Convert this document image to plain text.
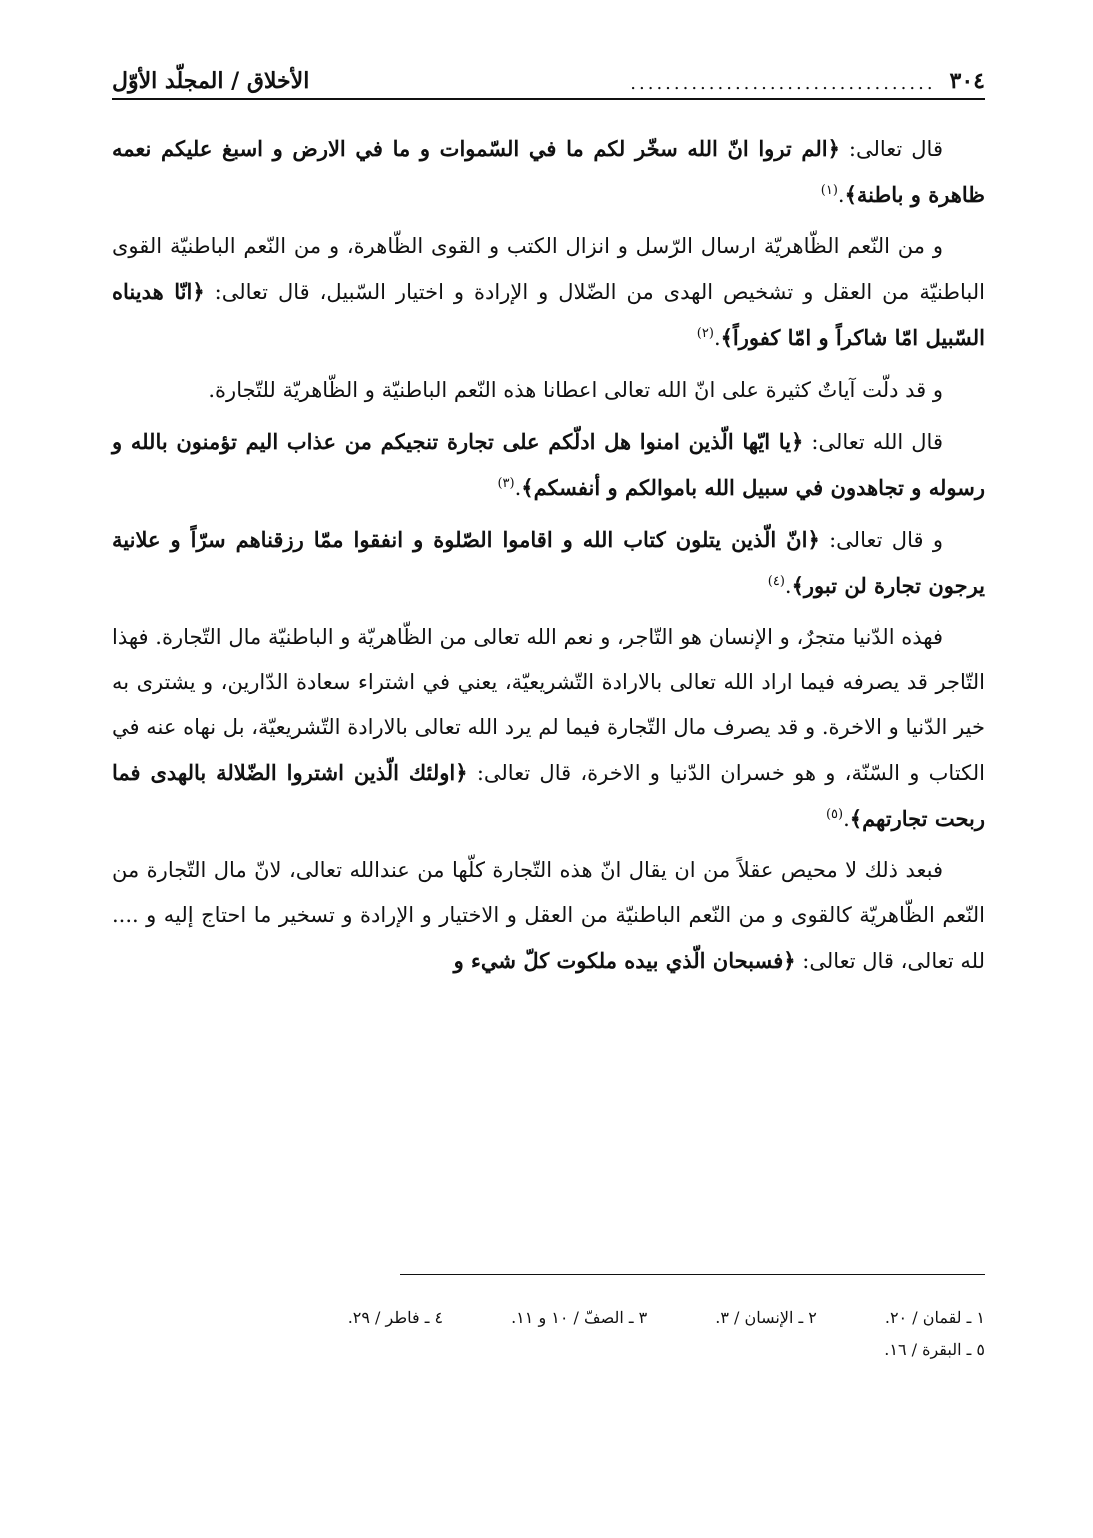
٣٠٤
...................................
الأخلاق / المجلّد الأوّل

قال تعالى: ﴿الم تروا انّ الله سخّر لكم ما في السّموات و ما في الارض و اسبغ عليكم نعمه ظاهرة و باطنة﴾.$^{(١)}$

و من النّعم الظّاهريّة ارسال الرّسل و انزال الكتب و القوى الظّاهرة، و من النّعم الباطنيّة القوى الباطنيّة من العقل و تشخيص الهدى من الضّلال و الإرادة و اختيار السّبيل، قال تعالى: ﴿انّا هديناه السّبيل امّا شاكراً و امّا كفوراً﴾.$^{(٢)}$

و قد دلّت آياتٌ كثيرة على انّ الله تعالى اعطانا هذه النّعم الباطنيّة و الظّاهريّة للتّجارة.

قال الله تعالى: ﴿يا ايّها الّذين امنوا هل ادلّكم على تجارة تنجيكم من عذاب اليم تؤمنون بالله و رسوله و تجاهدون في سبيل الله باموالكم و أنفسكم﴾.$^{(٣)}$

و قال تعالى: ﴿انّ الّذين يتلون كتاب الله و اقاموا الصّلوة و انفقوا ممّا رزقناهم سرّاً و علانية يرجون تجارة لن تبور﴾.$^{(٤)}$

فهذه الدّنيا متجرٌ، و الإنسان هو التّاجر، و نعم الله تعالى من الظّاهريّة و الباطنيّة مال التّجارة. فهذا التّاجر قد يصرفه فيما اراد الله تعالى بالارادة التّشريعيّة، يعني في اشتراء سعادة الدّارين، و يشترى به خير الدّنيا و الاخرة. و قد يصرف مال التّجارة فيما لم يرد الله تعالى بالارادة التّشريعيّة، بل نهاه عنه في الكتاب و السّنّة، و هو خسران الدّنيا و الاخرة، قال تعالى: ﴿اولئك الّذين اشتروا الضّلالة بالهدى فما ربحت تجارتهم﴾.$^{(٥)}$

فبعد ذلك لا محيص عقلاً من ان يقال انّ هذه التّجارة كلّها من عندالله تعالى، لانّ مال التّجارة من النّعم الظّاهريّة كالقوى و من النّعم الباطنيّة من العقل و الاختيار و الإرادة و تسخير ما احتاج إليه و .... لله تعالى، قال تعالى: ﴿فسبحان الّذي بيده ملكوت كلّ شيء و

١ ـ لقمان / ٢٠.
٢ ـ الإنسان / ٣.
٣ ـ الصفّ / ١٠ و ١١.
٤ ـ فاطر / ٢٩.
٥ ـ البقرة / ١٦.
